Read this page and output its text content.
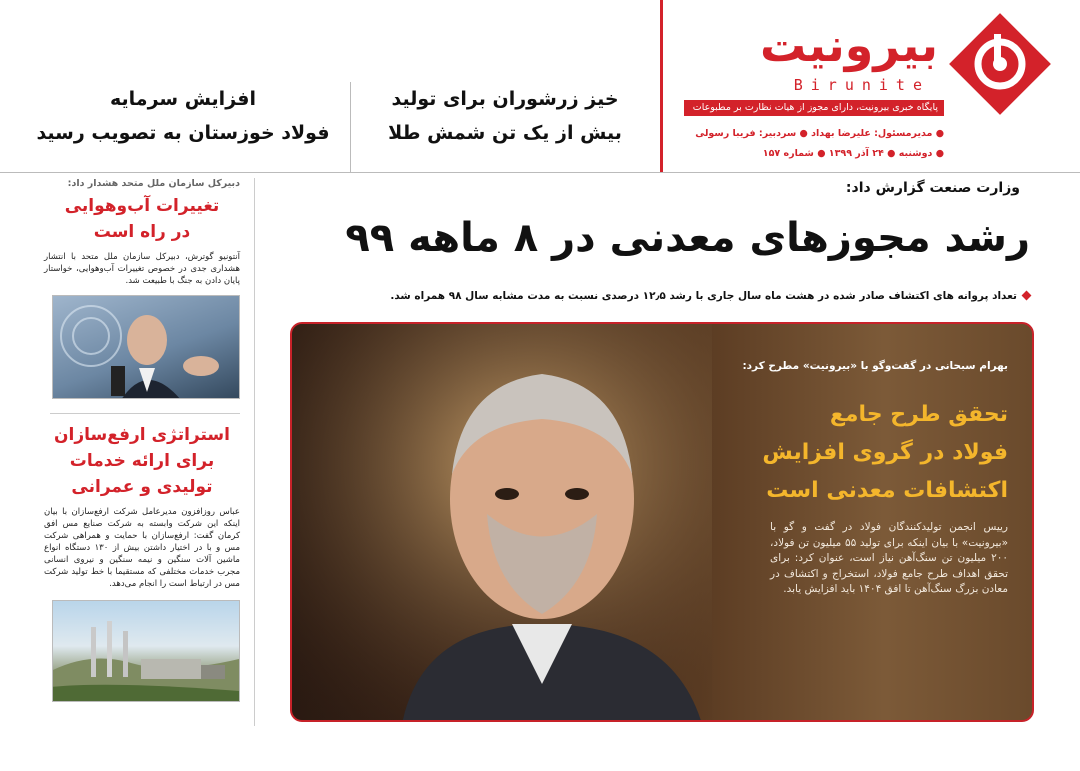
بیرونیت
Birunite
پایگاه خبری بیرونیت، دارای مجوز از هیات نظارت بر مطبوعات
● مدیرمسئول: علیرضا بهداد ● سردبیر: فریبا رسولی
● دوشنبه ● ۲۴ آذر ۱۳۹۹ ● شماره ۱۵۷
خیز زرشوران برای تولید
بیش از یک تن شمش طلا
افزایش سرمایه
فولاد خوزستان به تصویب رسید
دبیرکل سازمان ملل متحد هشدار داد:
تغییرات آب‌وهوایی
در راه است
آنتونیو گوترش، دبیرکل سازمان ملل متحد با انتشار هشداری جدی در خصوص تغییرات آب‌وهوایی، خواستار پایان دادن به جنگ با طبیعت شد.
استراتژی ارفع‌سازان
برای ارائه خدمات
تولیدی و عمرانی
عباس روزافزون مدیرعامل شرکت ارفع‌سازان با بیان اینکه این شرکت وابسته به شرکت صنایع مس افق کرمان گفت: ارفع‌سازان با حمایت و همراهی شرکت مس و با در اختیار داشتن بیش از ۱۳۰ دستگاه انواع ماشین آلات سنگین و نیمه سنگین و نیروی انسانی مجرب خدمات مختلفی که مستقیما با خط تولید شرکت مس در ارتباط است را انجام می‌دهد.
وزارت صنعت گزارش داد:
رشد مجوزهای معدنی در ۸ ماهه ۹۹
تعداد پروانه های اکتشاف صادر شده در هشت ماه سال جاری با رشد ۱۲٫۵ درصدی نسبت به مدت مشابه سال ۹۸ همراه شد.
بهرام سبحانی در گفت‌وگو با «بیرونیت» مطرح کرد:
تحقق طرح جامع
فولاد در گروی افزایش
اکتشافات معدنی است
رییس انجمن تولیدکنندگان فولاد در گفت و گو با «بیرونیت» با بیان اینکه برای تولید ۵۵ میلیون تن فولاد، ۲۰۰ میلیون تن سنگ‌آهن نیاز است، عنوان کرد: برای تحقق اهداف طرح جامع فولاد، استخراج و اکتشاف در معادن بزرگ سنگ‌آهن تا افق ۱۴۰۴ باید افزایش یابد.
